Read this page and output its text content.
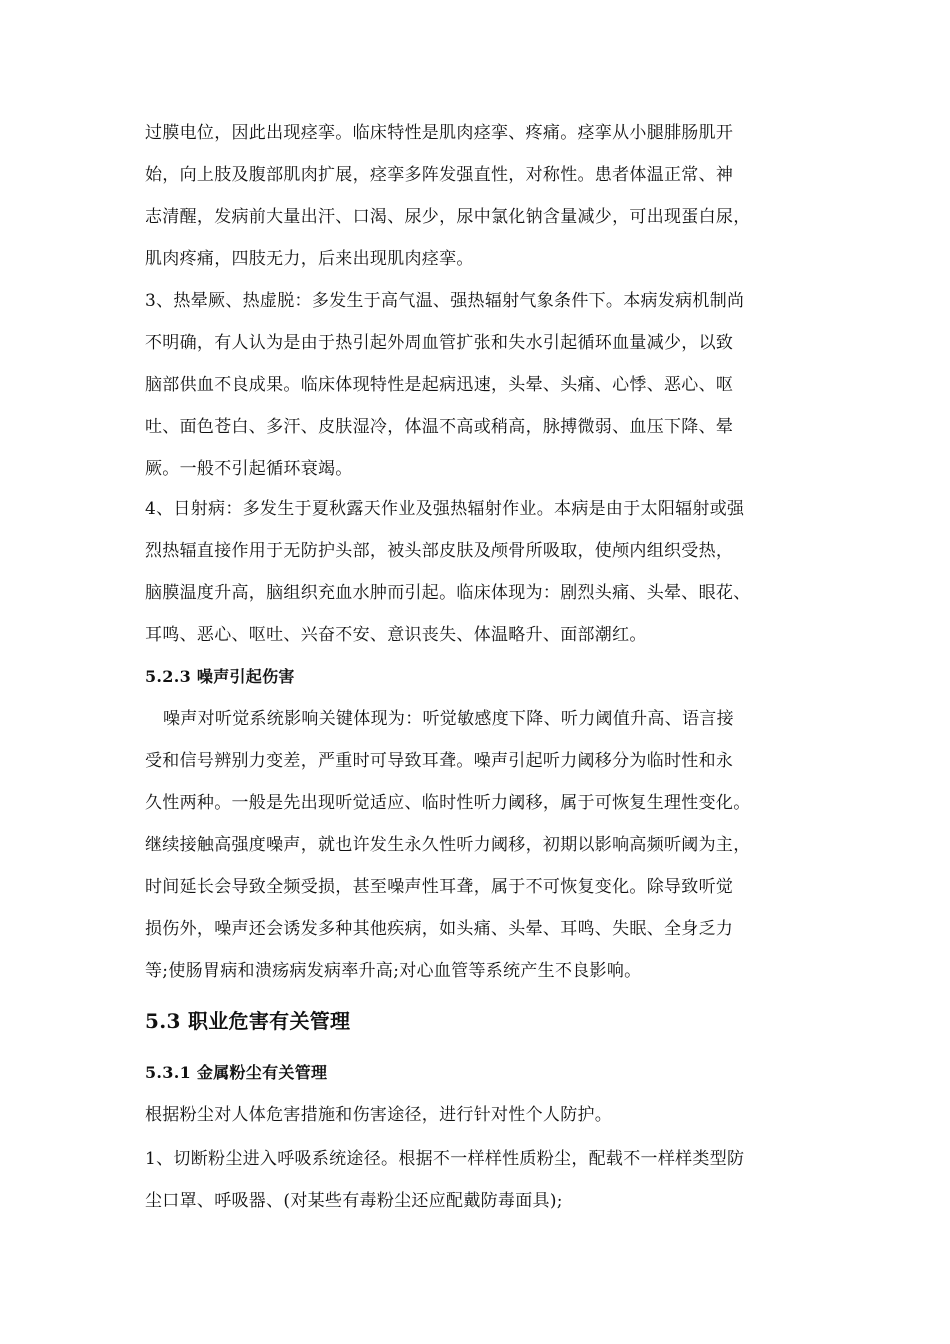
过膜电位，因此出现痉挛。临床特性是肌肉痉挛、疼痛。痉挛从小腿腓肠肌开
始，向上肢及腹部肌肉扩展，痉挛多阵发强直性，对称性。患者体温正常、神
志清醒，发病前大量出汗、口渴、尿少，尿中氯化钠含量减少，可出现蛋白尿，
肌肉疼痛，四肢无力，后来出现肌肉痉挛。
3、热晕厥、热虚脱：多发生于高气温、强热辐射气象条件下。本病发病机制尚
不明确，有人认为是由于热引起外周血管扩张和失水引起循环血量减少，以致
脑部供血不良成果。临床体现特性是起病迅速，头晕、头痛、心悸、恶心、呕
吐、面色苍白、多汗、皮肤湿冷，体温不高或稍高，脉搏微弱、血压下降、晕
厥。一般不引起循环衰竭。
4、日射病：多发生于夏秋露天作业及强热辐射作业。本病是由于太阳辐射或强
烈热辐直接作用于无防护头部，被头部皮肤及颅骨所吸取，使颅内组织受热，
脑膜温度升高，脑组织充血水肿而引起。临床体现为：剧烈头痛、头晕、眼花、
耳鸣、恶心、呕吐、兴奋不安、意识丧失、体温略升、面部潮红。
5.2.3 噪声引起伤害
噪声对听觉系统影响关键体现为：听觉敏感度下降、听力阈值升高、语言接
受和信号辨别力变差，严重时可导致耳聋。噪声引起听力阈移分为临时性和永
久性两种。一般是先出现听觉适应、临时性听力阈移，属于可恢复生理性变化。
继续接触高强度噪声，就也许发生永久性听力阈移，初期以影响高频听阈为主，
时间延长会导致全频受损，甚至噪声性耳聋，属于不可恢复变化。除导致听觉
损伤外，噪声还会诱发多种其他疾病，如头痛、头晕、耳鸣、失眠、全身乏力
等;使肠胃病和溃疡病发病率升高;对心血管等系统产生不良影响。
5.3 职业危害有关管理
5.3.1 金属粉尘有关管理
根据粉尘对人体危害措施和伤害途径，进行针对性个人防护。
1、切断粉尘进入呼吸系统途径。根据不一样样性质粉尘，配载不一样样类型防
尘口罩、呼吸器、(对某些有毒粉尘还应配戴防毒面具);
